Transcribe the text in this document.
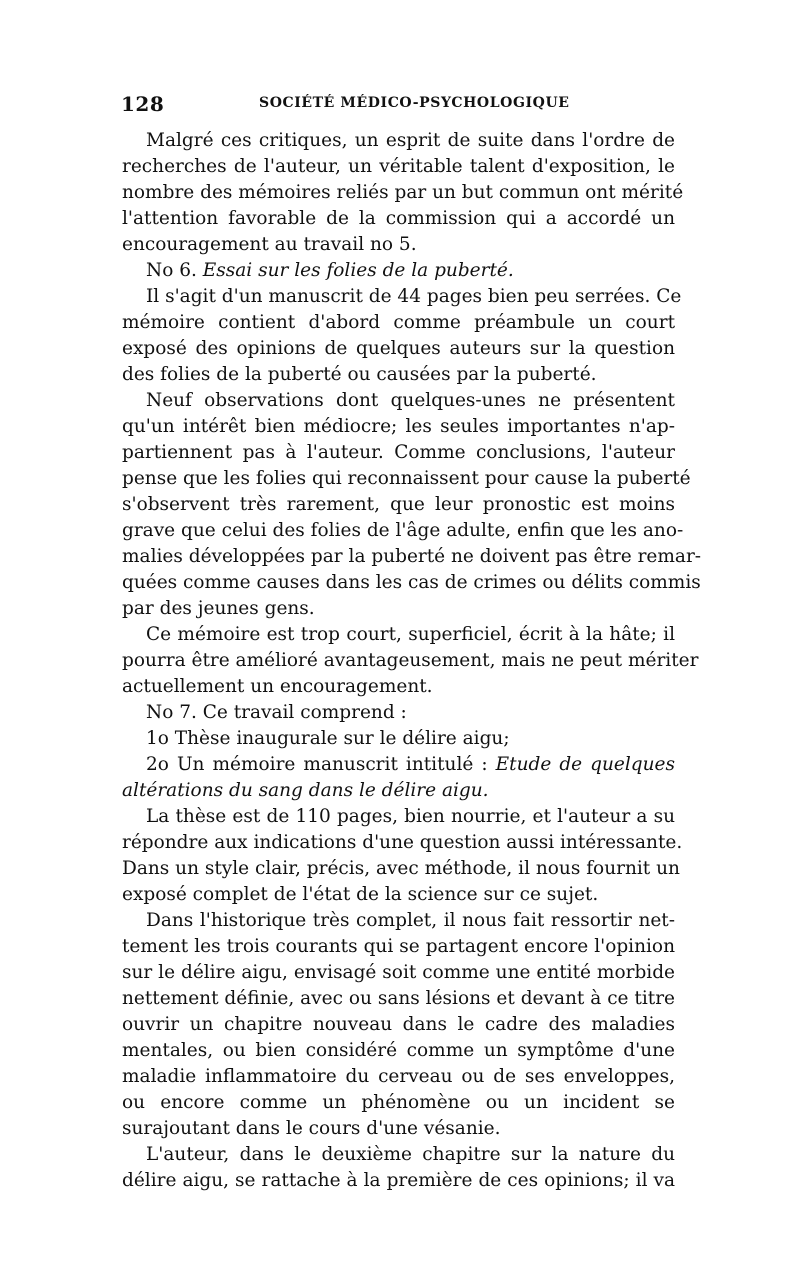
128	SOCIÉTÉ MÉDICO-PSYCHOLOGIQUE
Malgré ces critiques, un esprit de suite dans l'ordre de
recherches de l'auteur, un véritable talent d'exposition, le
nombre des mémoires reliés par un but commun ont mérité
l'attention favorable de la commission qui a accordé un
encouragement au travail no 5.
No 6. Essai sur les folies de la puberté.
Il s'agit d'un manuscrit de 44 pages bien peu serrées. Ce
mémoire contient d'abord comme préambule un court
exposé des opinions de quelques auteurs sur la question
des folies de la puberté ou causées par la puberté.
Neuf observations dont quelques-unes ne présentent
qu'un intérêt bien médiocre; les seules importantes n'ap-
partiennent pas à l'auteur. Comme conclusions, l'auteur
pense que les folies qui reconnaissent pour cause la puberté
s'observent très rarement, que leur pronostic est moins
grave que celui des folies de l'âge adulte, enfin que les ano-
malies développées par la puberté ne doivent pas être remar-
quées comme causes dans les cas de crimes ou délits commis
par des jeunes gens.
Ce mémoire est trop court, superficiel, écrit à la hâte; il
pourra être amélioré avantageusement, mais ne peut mériter
actuellement un encouragement.
No 7. Ce travail comprend :
1o Thèse inaugurale sur le délire aigu;
2o Un mémoire manuscrit intitulé : Etude de quelques
altérations du sang dans le délire aigu.
La thèse est de 110 pages, bien nourrie, et l'auteur a su
répondre aux indications d'une question aussi intéressante.
Dans un style clair, précis, avec méthode, il nous fournit un
exposé complet de l'état de la science sur ce sujet.
Dans l'historique très complet, il nous fait ressortir net-
tement les trois courants qui se partagent encore l'opinion
sur le délire aigu, envisagé soit comme une entité morbide
nettement définie, avec ou sans lésions et devant à ce titre
ouvrir un chapitre nouveau dans le cadre des maladies
mentales, ou bien considéré comme un symptôme d'une
maladie inflammatoire du cerveau ou de ses enveloppes,
ou encore comme un phénomène ou un incident se
surajoutant dans le cours d'une vésanie.
L'auteur, dans le deuxième chapitre sur la nature du
délire aigu, se rattache à la première de ces opinions; il va
